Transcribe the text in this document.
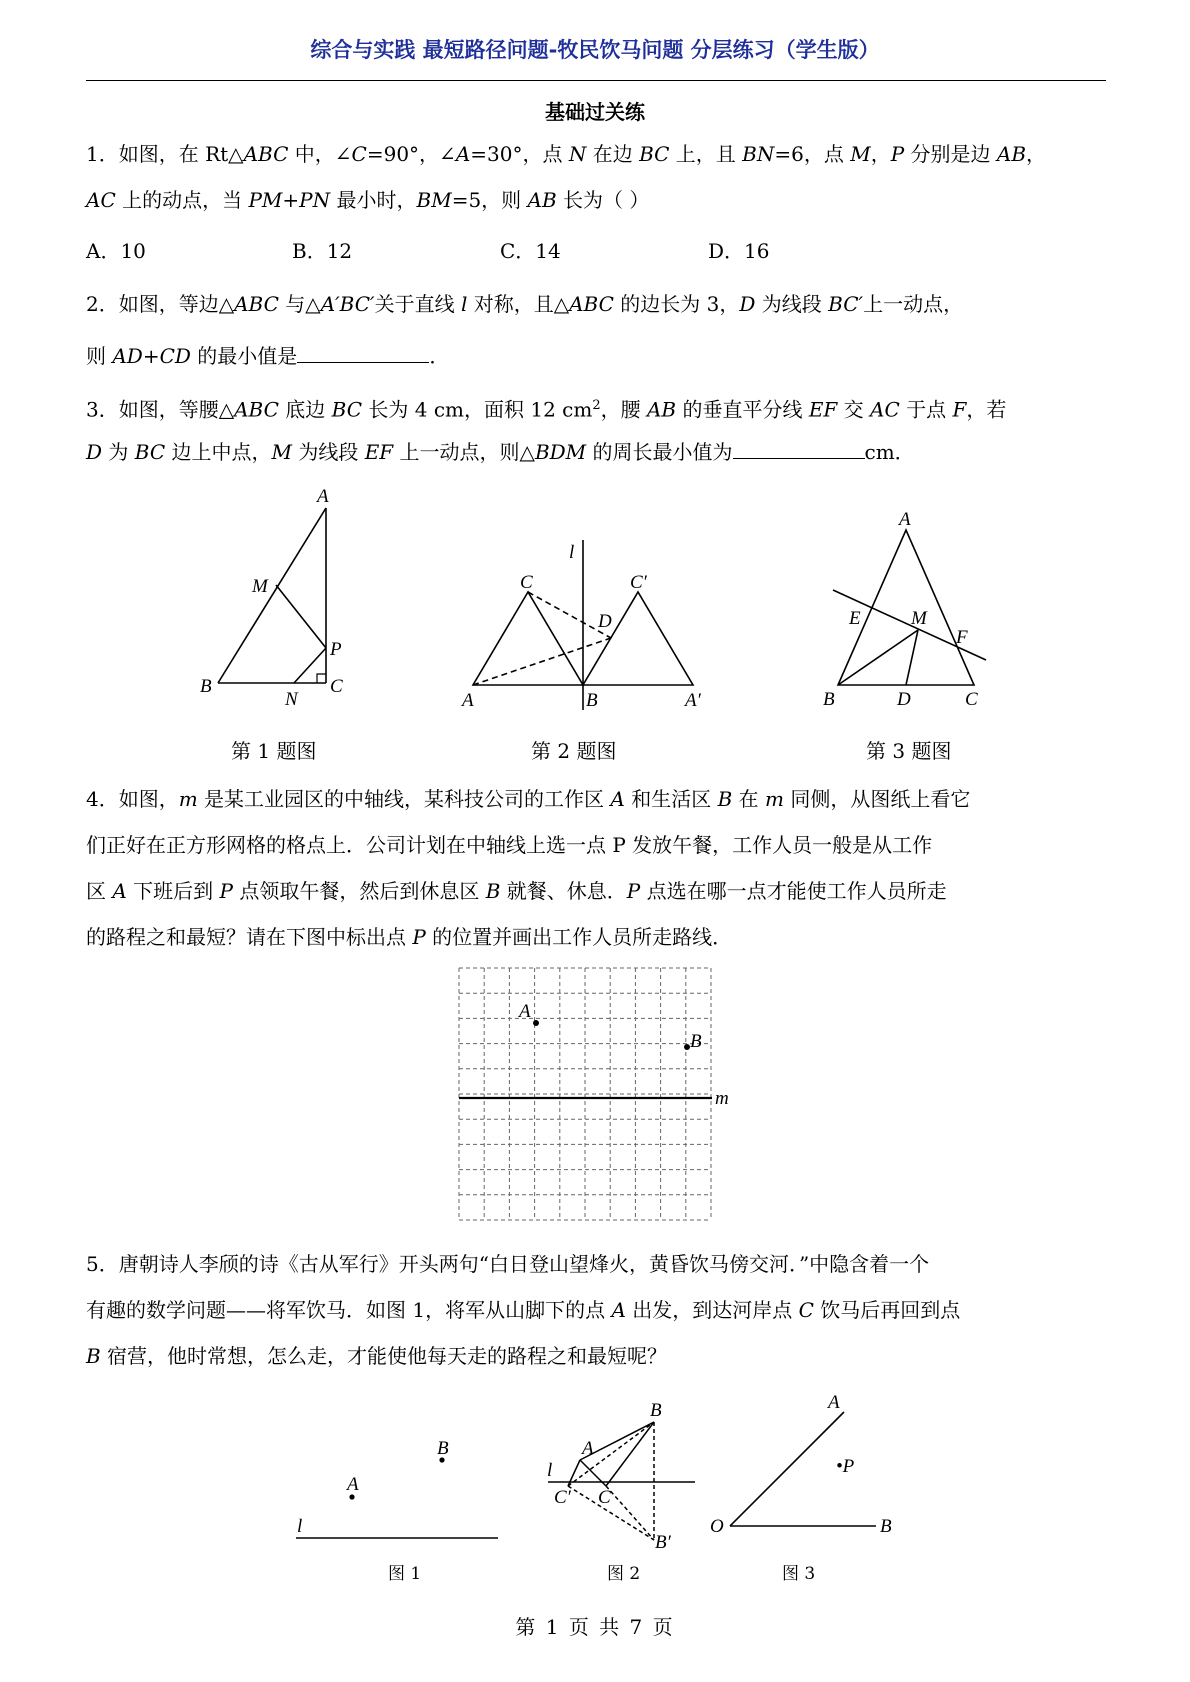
综合与实践 最短路径问题-牧民饮马问题 分层练习（学生版）
基础过关练
1．如图，在 Rt△ABC 中，∠C=90°，∠A=30°，点 N 在边 BC 上，且 BN=6，点 M，P 分别是边 AB，
AC 上的动点，当 PM+PN 最小时，BM=5，则 AB 长为（ ）
A．10	B．12	C．14	D．16
2．如图，等边△ABC 与△A′BC′关于直线 l 对称，且△ABC 的边长为 3，D 为线段 BC′上一动点，
则 AD+CD 的最小值是	．
3．如图，等腰△ABC 底边 BC 长为 4 cm，面积 12 $cm^2$，腰 AB 的垂直平分线 EF 交 AC 于点 F，若
D 为 BC 边上中点，M 为线段 EF 上一动点，则△BDM 的周长最小值为	cm．
A
M
P
B
N
C
l
C	C′
D
A	B	A′
A
E	M
F
B	D	C
第 1 题图	第 2 题图	第 3 题图
4．如图，m 是某工业园区的中轴线，某科技公司的工作区 A 和生活区 B 在 m 同侧，从图纸上看它
们正好在正方形网格的格点上．公司计划在中轴线上选一点 P 发放午餐，工作人员一般是从工作
区 A 下班后到 P 点领取午餐，然后到休息区 B 就餐、休息．P 点选在哪一点才能使工作人员所走
的路程之和最短？请在下图中标出点 P 的位置并画出工作人员所走路线．
A
B
m
5．唐朝诗人李颀的诗《古从军行》开头两句“白日登山望烽火，黄昏饮马傍交河．”中隐含着一个
有趣的数学问题——将军饮马．如图 1，将军从山脚下的点 A 出发，到达河岸点 C 饮马后再回到点
B 宿营，他时常想，怎么走，才能使他每天走的路程之和最短呢？
B
A
l
B
A
l
C′ C
B′
A
•P
O	B
图 1	图 2	图 3
第 1 页 共 7 页
